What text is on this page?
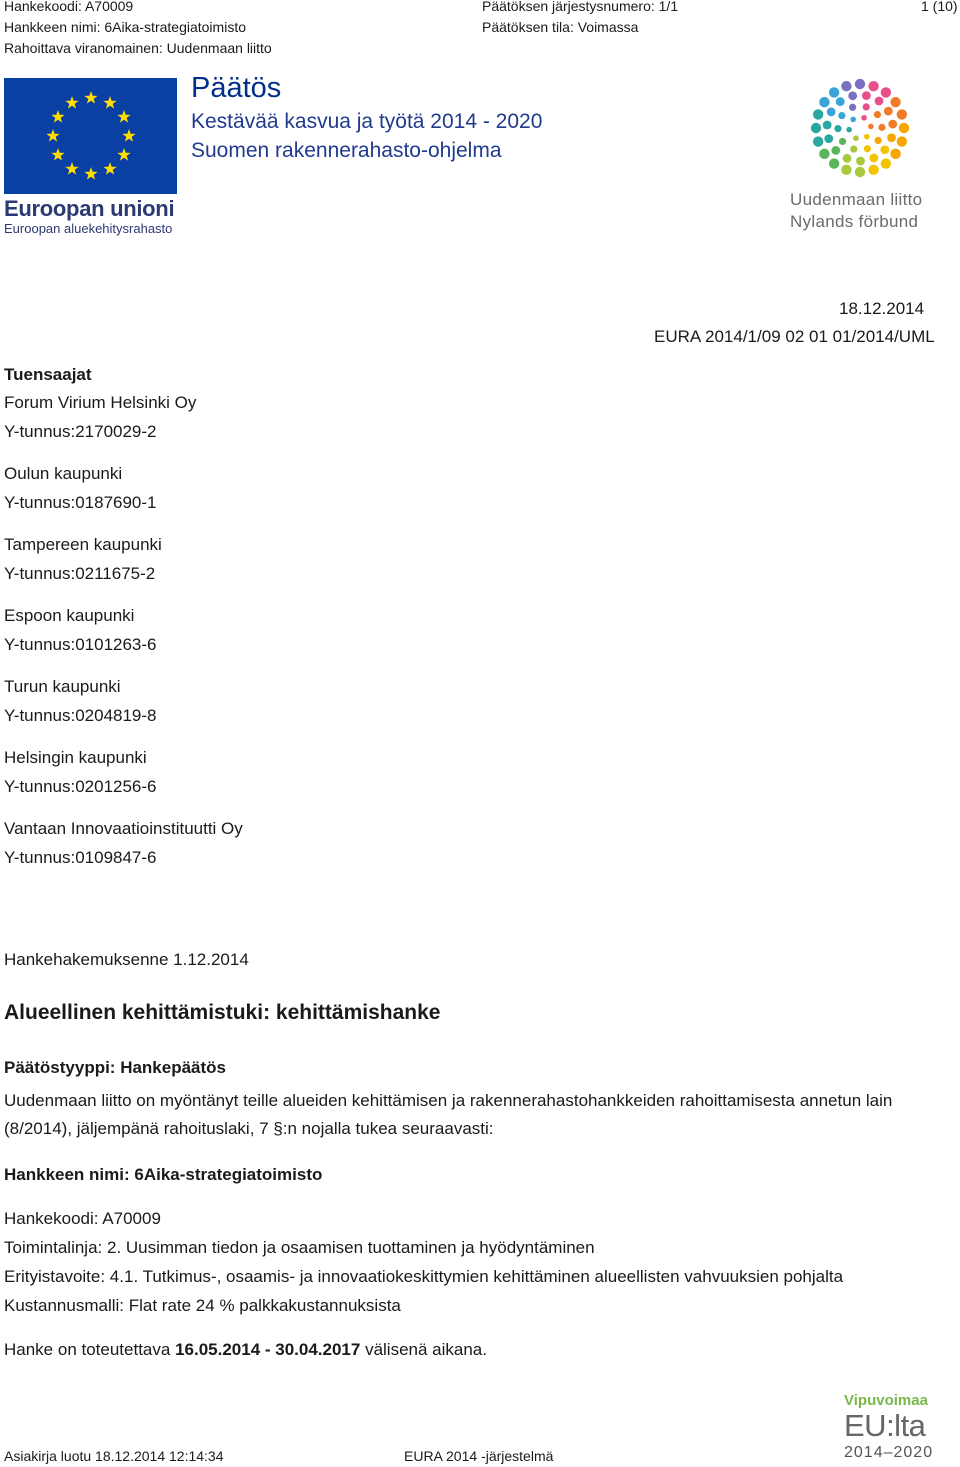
Hankekoodi: A70009
Hankkeen nimi: 6Aika-strategiatoimisto
Rahoittava viranomainen: Uudenmaan liitto
Päätöksen järjestysnumero: 1/1
Päätöksen tila: Voimassa
1 (10)
Euroopan unioni
Euroopan aluekehitysrahasto
Päätös
Kestävää kasvua ja työtä 2014 - 2020
Suomen rakennerahasto-ohjelma
Uudenmaan liitto
Nylands förbund
18.12.2014
EURA 2014/1/09 02 01 01/2014/UML
Tuensaajat
Forum Virium Helsinki Oy
Y-tunnus:2170029-2
Oulun kaupunki
Y-tunnus:0187690-1
Tampereen kaupunki
Y-tunnus:0211675-2
Espoon kaupunki
Y-tunnus:0101263-6
Turun kaupunki
Y-tunnus:0204819-8
Helsingin kaupunki
Y-tunnus:0201256-6
Vantaan Innovaatioinstituutti Oy
Y-tunnus:0109847-6
Hankehakemuksenne 1.12.2014
Alueellinen kehittämistuki: kehittämishanke
Päätöstyyppi: Hankepäätös
Uudenmaan liitto on myöntänyt teille alueiden kehittämisen ja rakennerahastohankkeiden rahoittamisesta annetun lain
(8/2014), jäljempänä rahoituslaki, 7 §:n nojalla tukea seuraavasti:
Hankkeen nimi: 6Aika-strategiatoimisto
Hankekoodi: A70009
Toimintalinja: 2. Uusimman tiedon ja osaamisen tuottaminen ja hyödyntäminen
Erityistavoite: 4.1. Tutkimus-, osaamis- ja innovaatiokeskittymien kehittäminen alueellisten vahvuuksien pohjalta
Kustannusmalli: Flat rate 24 % palkkakustannuksista
Hanke on toteutettava 16.05.2014 - 30.04.2017 välisenä aikana.
Asiakirja luotu 18.12.2014 12:14:34	EURA 2014 -järjestelmä
Vipuvoimaa
EU:lta
2014–2020
